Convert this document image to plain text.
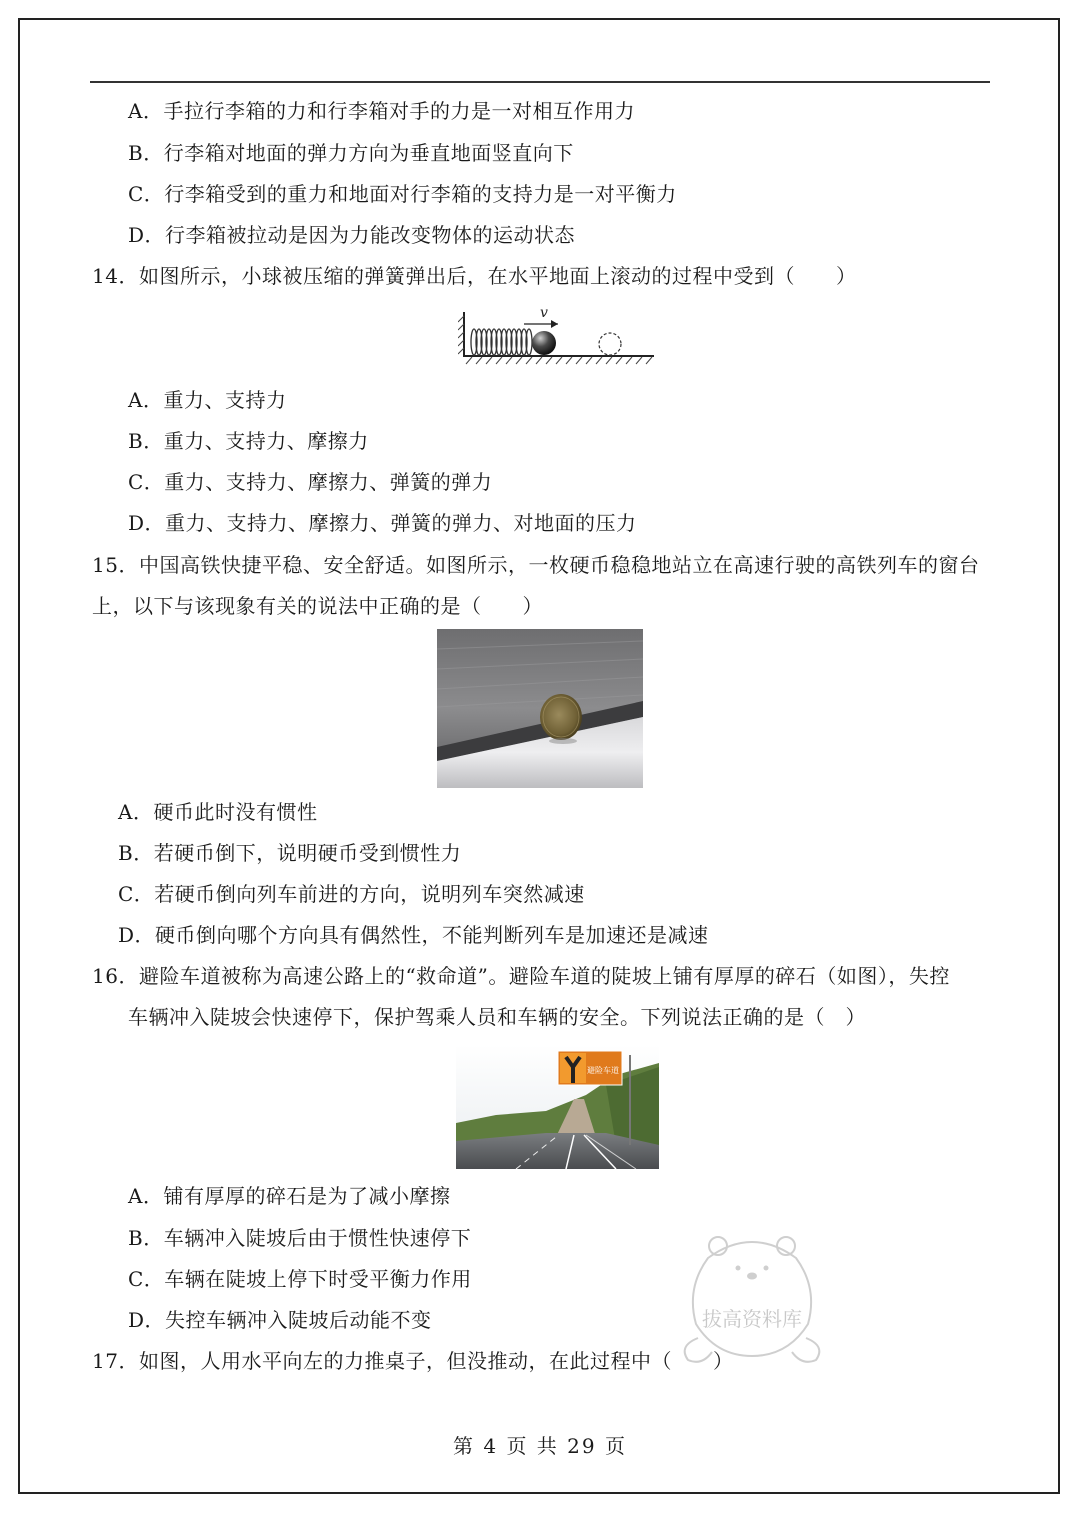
A．手拉行李箱的力和行李箱对手的力是一对相互作用力
B．行李箱对地面的弹力方向为垂直地面竖直向下
C．行李箱受到的重力和地面对行李箱的支持力是一对平衡力
D．行李箱被拉动是因为力能改变物体的运动状态
14．如图所示，小球被压缩的弹簧弹出后，在水平地面上滚动的过程中受到（　　）
v
A．重力、支持力
B．重力、支持力、摩擦力
C．重力、支持力、摩擦力、弹簧的弹力
D．重力、支持力、摩擦力、弹簧的弹力、对地面的压力
15．中国高铁快捷平稳、安全舒适。如图所示，一枚硬币稳稳地站立在高速行驶的高铁列车的窗台
上，以下与该现象有关的说法中正确的是（　　）
A．硬币此时没有惯性
B．若硬币倒下，说明硬币受到惯性力
C．若硬币倒向列车前进的方向，说明列车突然减速
D．硬币倒向哪个方向具有偶然性，不能判断列车是加速还是减速
16．避险车道被称为高速公路上的“救命道”。避险车道的陡坡上铺有厚厚的碎石（如图），失控
车辆冲入陡坡会快速停下，保护驾乘人员和车辆的安全。下列说法正确的是（　）
避险车道
A．铺有厚厚的碎石是为了减小摩擦
B．车辆冲入陡坡后由于惯性快速停下
C．车辆在陡坡上停下时受平衡力作用
D．失控车辆冲入陡坡后动能不变
17．如图，人用水平向左的力推桌子，但没推动，在此过程中（　　）
拔高资料库
第 4 页 共 29 页
